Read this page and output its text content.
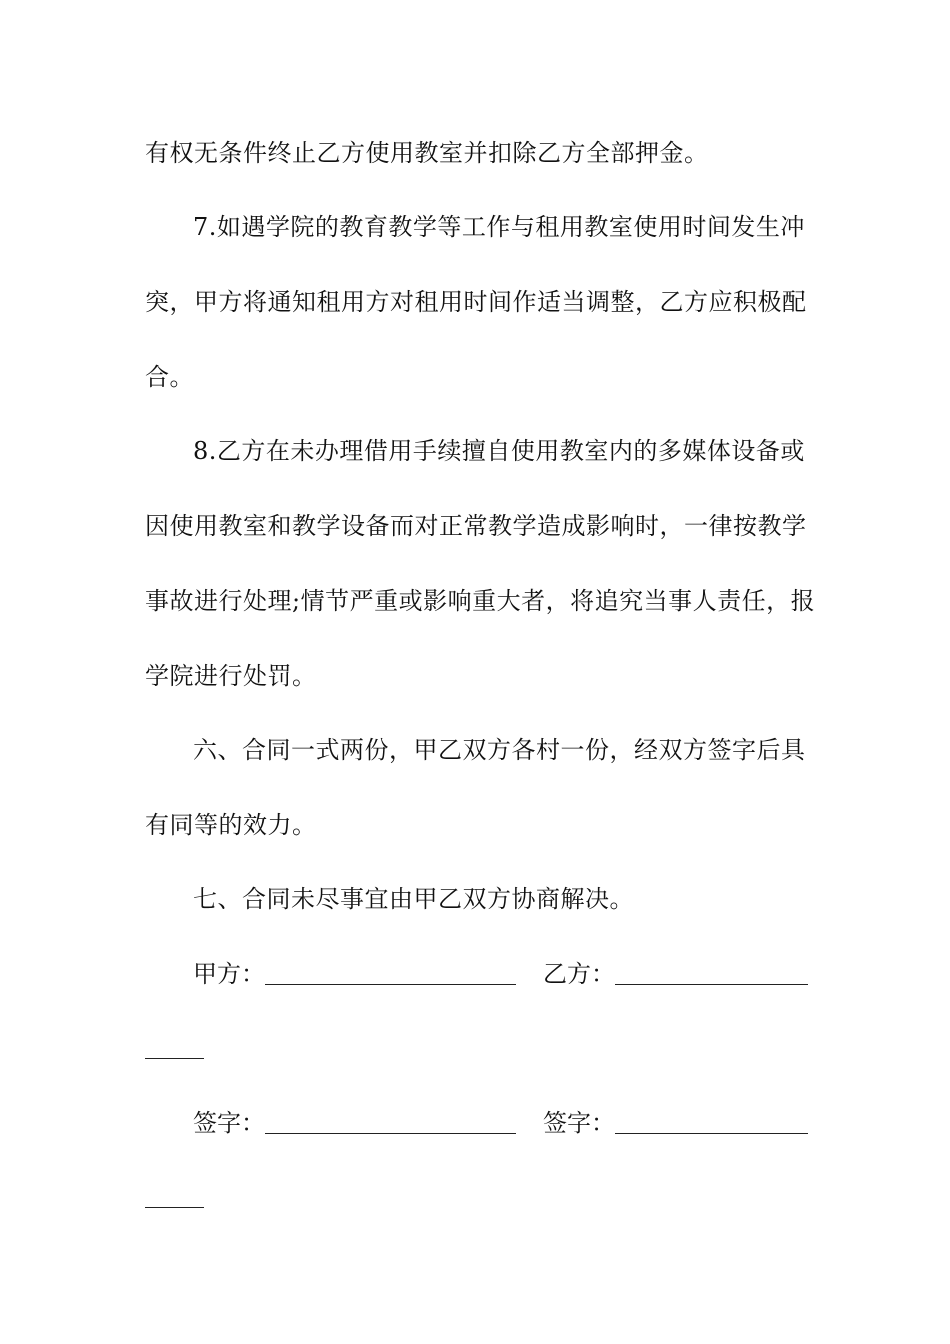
有权无条件终止乙方使用教室并扣除乙方全部押金。
7.如遇学院的教育教学等工作与租用教室使用时间发生冲
突，甲方将通知租用方对租用时间作适当调整，乙方应积极配
合。
8.乙方在未办理借用手续擅自使用教室内的多媒体设备或
因使用教室和教学设备而对正常教学造成影响时，一律按教学
事故进行处理;情节严重或影响重大者，将追究当事人责任，报
学院进行处罚。
六、合同一式两份，甲乙双方各村一份，经双方签字后具
有同等的效力。
七、合同未尽事宜由甲乙双方协商解决。
甲方：	乙方：
签字：	签字：
